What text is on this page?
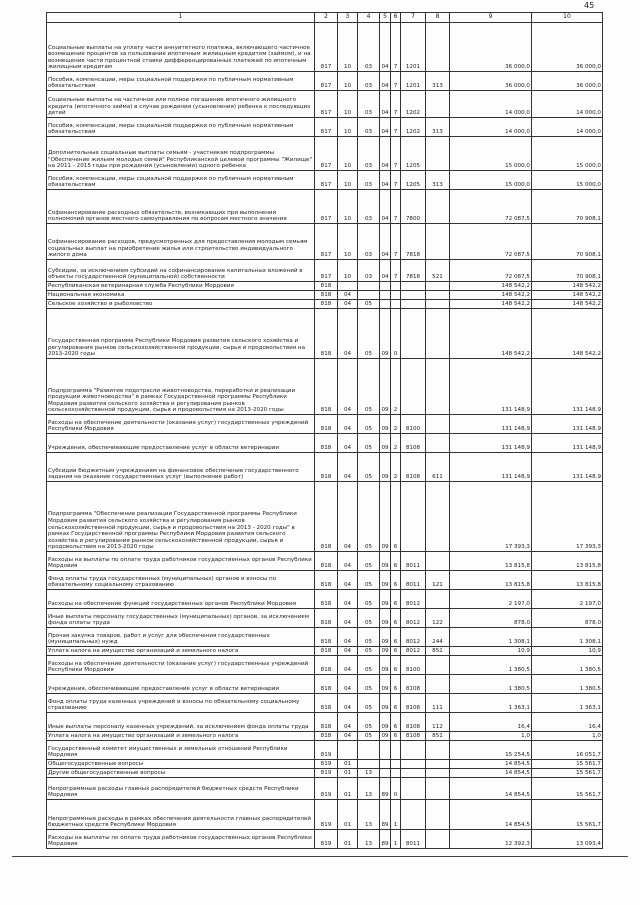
45
1	2	3	4	5	6	7	8	9	10
Социальные выплаты на уплату части аннуитетного платежа, включающего частичное возмещение процентов за пользование ипотечным жилищным кредитом (займом), и на возмещение части процентной ставки дифференцированных платежей по ипотечным жилищным кредитам	817	10	03	04	7	1201		36 000,0	36 000,0
Пособия, компенсации, меры социальной поддержки по публичным нормативным обязательствам	817	10	03	04	7	1201	313	36 000,0	36 000,0
Социальные выплаты на частичное или полное погашение ипотечного жилищного кредита (ипотечного займа) в случае рождения (усыновления) ребенка к последующих детей	817	10	03	04	7	1202		14 000,0	14 000,0
Пособия, компенсации, меры социальной поддержки по публичным нормативным обязательствам	817	10	03	04	7	1202	313	14 000,0	14 000,0
Дополнительные социальные выплаты семьям - участникам подпрограммы "Обеспечение жильем молодых семей" Республиканской целевой программы "Жилище" на 2011 - 2015 годы при рождении (усыновлении) одного ребенка	817	10	03	04	7	1205		15 000,0	15 000,0
Пособия, компенсации, меры социальной поддержки по публичным нормативным обязательствам	817	10	03	04	7	1205	313	15 000,0	15 000,0
Софинансирование расходных обязательств, возникающих при выполнении полномочий органов местного самоуправления по вопросам местного значения	817	10	03	04	7	7800		72 087,5	70 908,1
Софинансирование расходов, предусмотренных для предоставления молодым семьям социальных выплат на приобретение жилья или строительство индивидуального жилого дома	817	10	03	04	7	7818		72 087,5	70 908,1
Субсидии, за исключением субсидий на софинансирование капитальных вложений в объекты государственной (муниципальной) собственности	817	10	03	04	7	7818	521	72 087,5	70 908,1
Республиканская ветеринарная служба Республики Мордовия	818							148 542,2	148 542,2
Национальная экономика	818	04						148 542,2	148 542,2
Сельское хозяйство и рыболовство	818	04	05					148 542,2	148 542,2
Государственная программа Республики Мордовия развития сельского хозяйства и регулирования рынков сельскохозяйственной продукции, сырья и продовольствия на 2013-2020 годы	818	04	05	09	0			148 542,2	148 542,2
Подпрограмма "Развитие подотрасли животноводства, переработки и реализации продукции животноводства" в рамках Государственной программы Республики Мордовия развития сельского хозяйства и регулирования рынков сельскохозяйственной продукции, сырья и продовольствия на 2013-2020 годы	818	04	05	09	2			131 148,9	131 148,9
Расходы на обеспечение деятельности (оказание услуг) государственных учреждений Республики Мордовия	818	04	05	09	2	8100		131 148,9	131 148,9
Учреждения, обеспечивающие предоставление услуг в области ветеринарии	818	04	05	09	2	8108		131 148,9	131 148,9
Субсидии бюджетным учреждениям на финансовое обеспечение государственного задания на оказание государственных услуг (выполнение работ)	818	04	05	09	2	8108	611	131 148,9	131 148,9
Подпрограмма "Обеспечение реализации Государственной программы Республики Мордовия развития сельского хозяйства и регулирования рынков сельскохозяйственной продукции, сырья и продовольствия на 2013 - 2020 годы" в рамках Государственной программы Республики Мордовия развития сельского хозяйства и регулирования рынков сельскохозяйственной продукции, сырья и продовольствия на 2013-2020 годы	818	04	05	09	6			17 393,3	17 393,3
Расходы на выплаты по оплате труда работников государственных органов Республики Мордовия	818	04	05	09	6	8011		13 815,8	13 815,8
Фонд оплаты труда государственных (муниципальных) органов и взносы по обязательному социальному страхованию	818	04	05	09	6	8011	121	13 815,8	13 815,8
Расходы на обеспечение функций государственных органов Республики Мордовия	818	04	05	09	6	8012		2 197,0	2 197,0
Иные выплаты персоналу государственных (муниципальных) органов, за исключением фонда оплаты труда	818	04	05	09	6	8012	122	878,0	878,0
Прочая закупка товаров, работ и услуг для обеспечения государственных (муниципальных) нужд	818	04	05	09	6	8012	244	1 308,1	1 308,1
Уплата налога на имущество организаций и земельного налога	818	04	05	09	6	8012	851	10,9	10,9
Расходы на обеспечение деятельности (оказание услуг) государственных учреждений Республики Мордовия	818	04	05	09	6	8100		1 380,5	1 380,5
Учреждения, обеспечивающие предоставление услуг в области ветеринарии	818	04	05	09	6	8108		1 380,5	1 380,5
Фонд оплаты труда казенных учреждений и взносы по обязательному социальному страхованию	818	04	05	09	6	8108	111	1 363,1	1 363,1
Иные выплаты персоналу казенных учреждений, за исключением фонда оплаты труда	818	04	05	09	6	8108	112	16,4	16,4
Уплата налога на имущество организаций и земельного налога	818	04	05	09	6	8108	851	1,0	1,0
Государственный комитет имущественных и земельных отношений Республики Мордовия	819							15 254,5	16 051,7
Общегосударственные вопросы	819	01						14 854,5	15 561,7
Другие общегосударственные вопросы	819	01	13					14 854,5	15 561,7
Непрограммные расходы главных распорядителей бюджетных средств Республики Мордовия	819	01	13	89	0			14 854,5	15 561,7
Непрограммные расходы в рамках обеспечения деятельности главных распорядителей бюджетных средств Республики Мордовия	819	01	13	89	1			14 854,5	15 561,7
Расходы на выплаты по оплате труда работников государственных органов Республики Мордовия	819	01	13	89	1	8011		12 392,3	13 093,4
